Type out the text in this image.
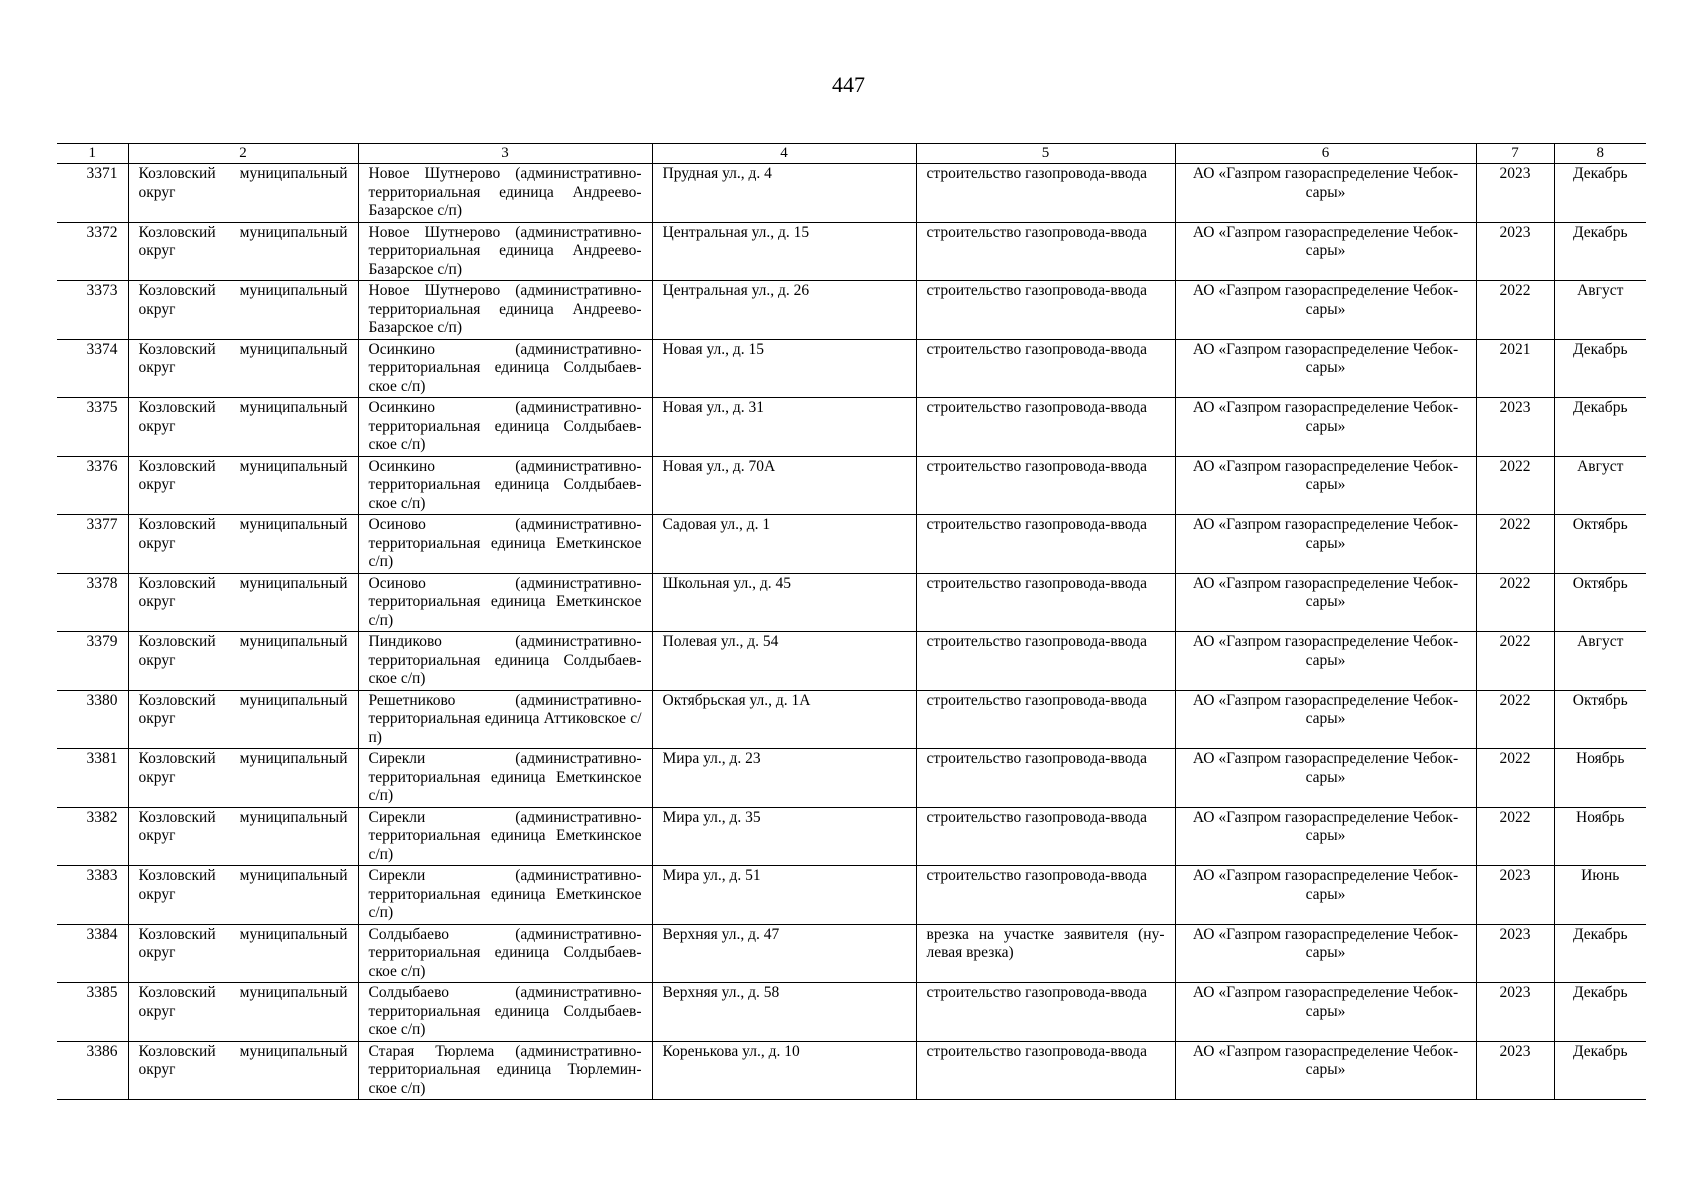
447
1	2	3	4	5	6	7	8
3371	Козловский муниципальный округ	Новое Шутнерово (административно-территориальная единица Андреево-Базарское с/п)	Прудная ул., д. 4	строительство газопровода-ввода	АО «Газпром газораспределение Чебок-сары»	2023	Декабрь
3372	Козловский муниципальный округ	Новое Шутнерово (административно-территориальная единица Андреево-Базарское с/п)	Центральная ул., д. 15	строительство газопровода-ввода	АО «Газпром газораспределение Чебок-сары»	2023	Декабрь
3373	Козловский муниципальный округ	Новое Шутнерово (административно-территориальная единица Андреево-Базарское с/п)	Центральная ул., д. 26	строительство газопровода-ввода	АО «Газпром газораспределение Чебок-сары»	2022	Август
3374	Козловский муниципальный округ	Осинкино (административно-территориальная единица Солдыбаев-ское с/п)	Новая ул., д. 15	строительство газопровода-ввода	АО «Газпром газораспределение Чебок-сары»	2021	Декабрь
3375	Козловский муниципальный округ	Осинкино (административно-территориальная единица Солдыбаев-ское с/п)	Новая ул., д. 31	строительство газопровода-ввода	АО «Газпром газораспределение Чебок-сары»	2023	Декабрь
3376	Козловский муниципальный округ	Осинкино (административно-территориальная единица Солдыбаев-ское с/п)	Новая ул., д. 70А	строительство газопровода-ввода	АО «Газпром газораспределение Чебок-сары»	2022	Август
3377	Козловский муниципальный округ	Осиново (административно-территориальная единица Еметкинское с/п)	Садовая ул., д. 1	строительство газопровода-ввода	АО «Газпром газораспределение Чебок-сары»	2022	Октябрь
3378	Козловский муниципальный округ	Осиново (административно-территориальная единица Еметкинское с/п)	Школьная ул., д. 45	строительство газопровода-ввода	АО «Газпром газораспределение Чебок-сары»	2022	Октябрь
3379	Козловский муниципальный округ	Пиндиково (административно-территориальная единица Солдыбаев-ское с/п)	Полевая ул., д. 54	строительство газопровода-ввода	АО «Газпром газораспределение Чебок-сары»	2022	Август
3380	Козловский муниципальный округ	Решетниково (административно-территориальная единица Аттиковское с/п)	Октябрьская ул., д. 1А	строительство газопровода-ввода	АО «Газпром газораспределение Чебок-сары»	2022	Октябрь
3381	Козловский муниципальный округ	Сирекли (административно-территориальная единица Еметкинское с/п)	Мира ул., д. 23	строительство газопровода-ввода	АО «Газпром газораспределение Чебок-сары»	2022	Ноябрь
3382	Козловский муниципальный округ	Сирекли (административно-территориальная единица Еметкинское с/п)	Мира ул., д. 35	строительство газопровода-ввода	АО «Газпром газораспределение Чебок-сары»	2022	Ноябрь
3383	Козловский муниципальный округ	Сирекли (административно-территориальная единица Еметкинское с/п)	Мира ул., д. 51	строительство газопровода-ввода	АО «Газпром газораспределение Чебок-сары»	2023	Июнь
3384	Козловский муниципальный округ	Солдыбаево (административно-территориальная единица Солдыбаев-ское с/п)	Верхняя ул., д. 47	врезка на участке заявителя (ну-левая врезка)	АО «Газпром газораспределение Чебок-сары»	2023	Декабрь
3385	Козловский муниципальный округ	Солдыбаево (административно-территориальная единица Солдыбаев-ское с/п)	Верхняя ул., д. 58	строительство газопровода-ввода	АО «Газпром газораспределение Чебок-сары»	2023	Декабрь
3386	Козловский муниципальный округ	Старая Тюрлема (административно-территориальная единица Тюрлемин-ское с/п)	Коренькова ул., д. 10	строительство газопровода-ввода	АО «Газпром газораспределение Чебок-сары»	2023	Декабрь
